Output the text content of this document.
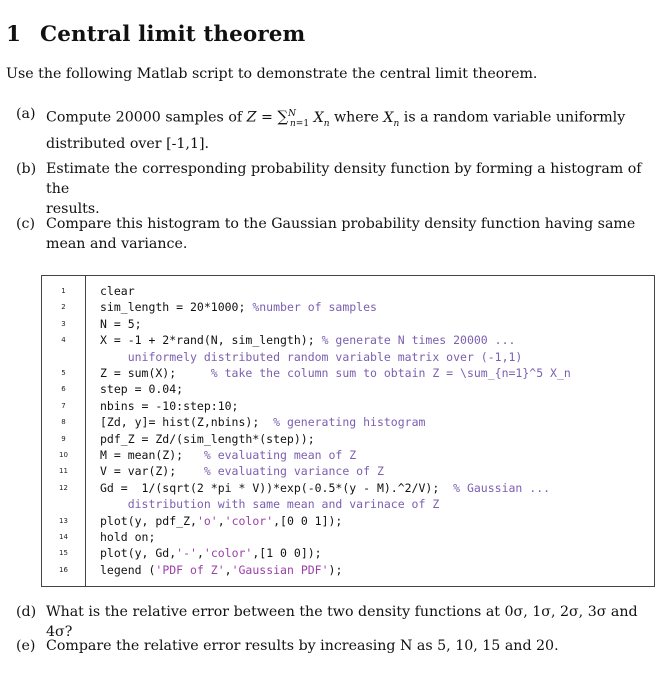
1 Central limit theorem
Use the following Matlab script to demonstrate the central limit theorem.
(a) Compute 20000 samples of Z = ∑$^N_{n=1}$ $X_n$ where $X_n$ is a random variable uniformly
distributed over [-1,1].
(b) Estimate the corresponding probability density function by forming a histogram of the
results.
(c) Compare this histogram to the Gaussian probability density function having same
mean and variance.
1	clear
2	sim_length = 20*1000; %number of samples
3	N = 5;
4	X = -1 + 2*rand(N, sim_length); % generate N times 20000 ...
uniformely distributed random variable matrix over (-1,1)
5	Z = sum(X);     % take the column sum to obtain Z = \sum_{n=1}^5 X_n
6	step = 0.04;
7	nbins = -10:step:10;
8	[Zd, y]= hist(Z,nbins);  % generating histogram
9	pdf_Z = Zd/(sim_length*(step));
10	M = mean(Z);   % evaluating mean of Z
11	V = var(Z);    % evaluating variance of Z
12	Gd =  1/(sqrt(2 *pi * V))*exp(-0.5*(y - M).^2/V);  % Gaussian ...
distribution with same mean and varinace of Z
13	plot(y, pdf_Z,'o','color',[0 0 1]);
14	hold on;
15	plot(y, Gd,'-','color',[1 0 0]);
16	legend ('PDF of Z','Gaussian PDF');
(d) What is the relative error between the two density functions at 0σ, 1σ, 2σ, 3σ and 4σ?
(e) Compare the relative error results by increasing N as 5, 10, 15 and 20.
